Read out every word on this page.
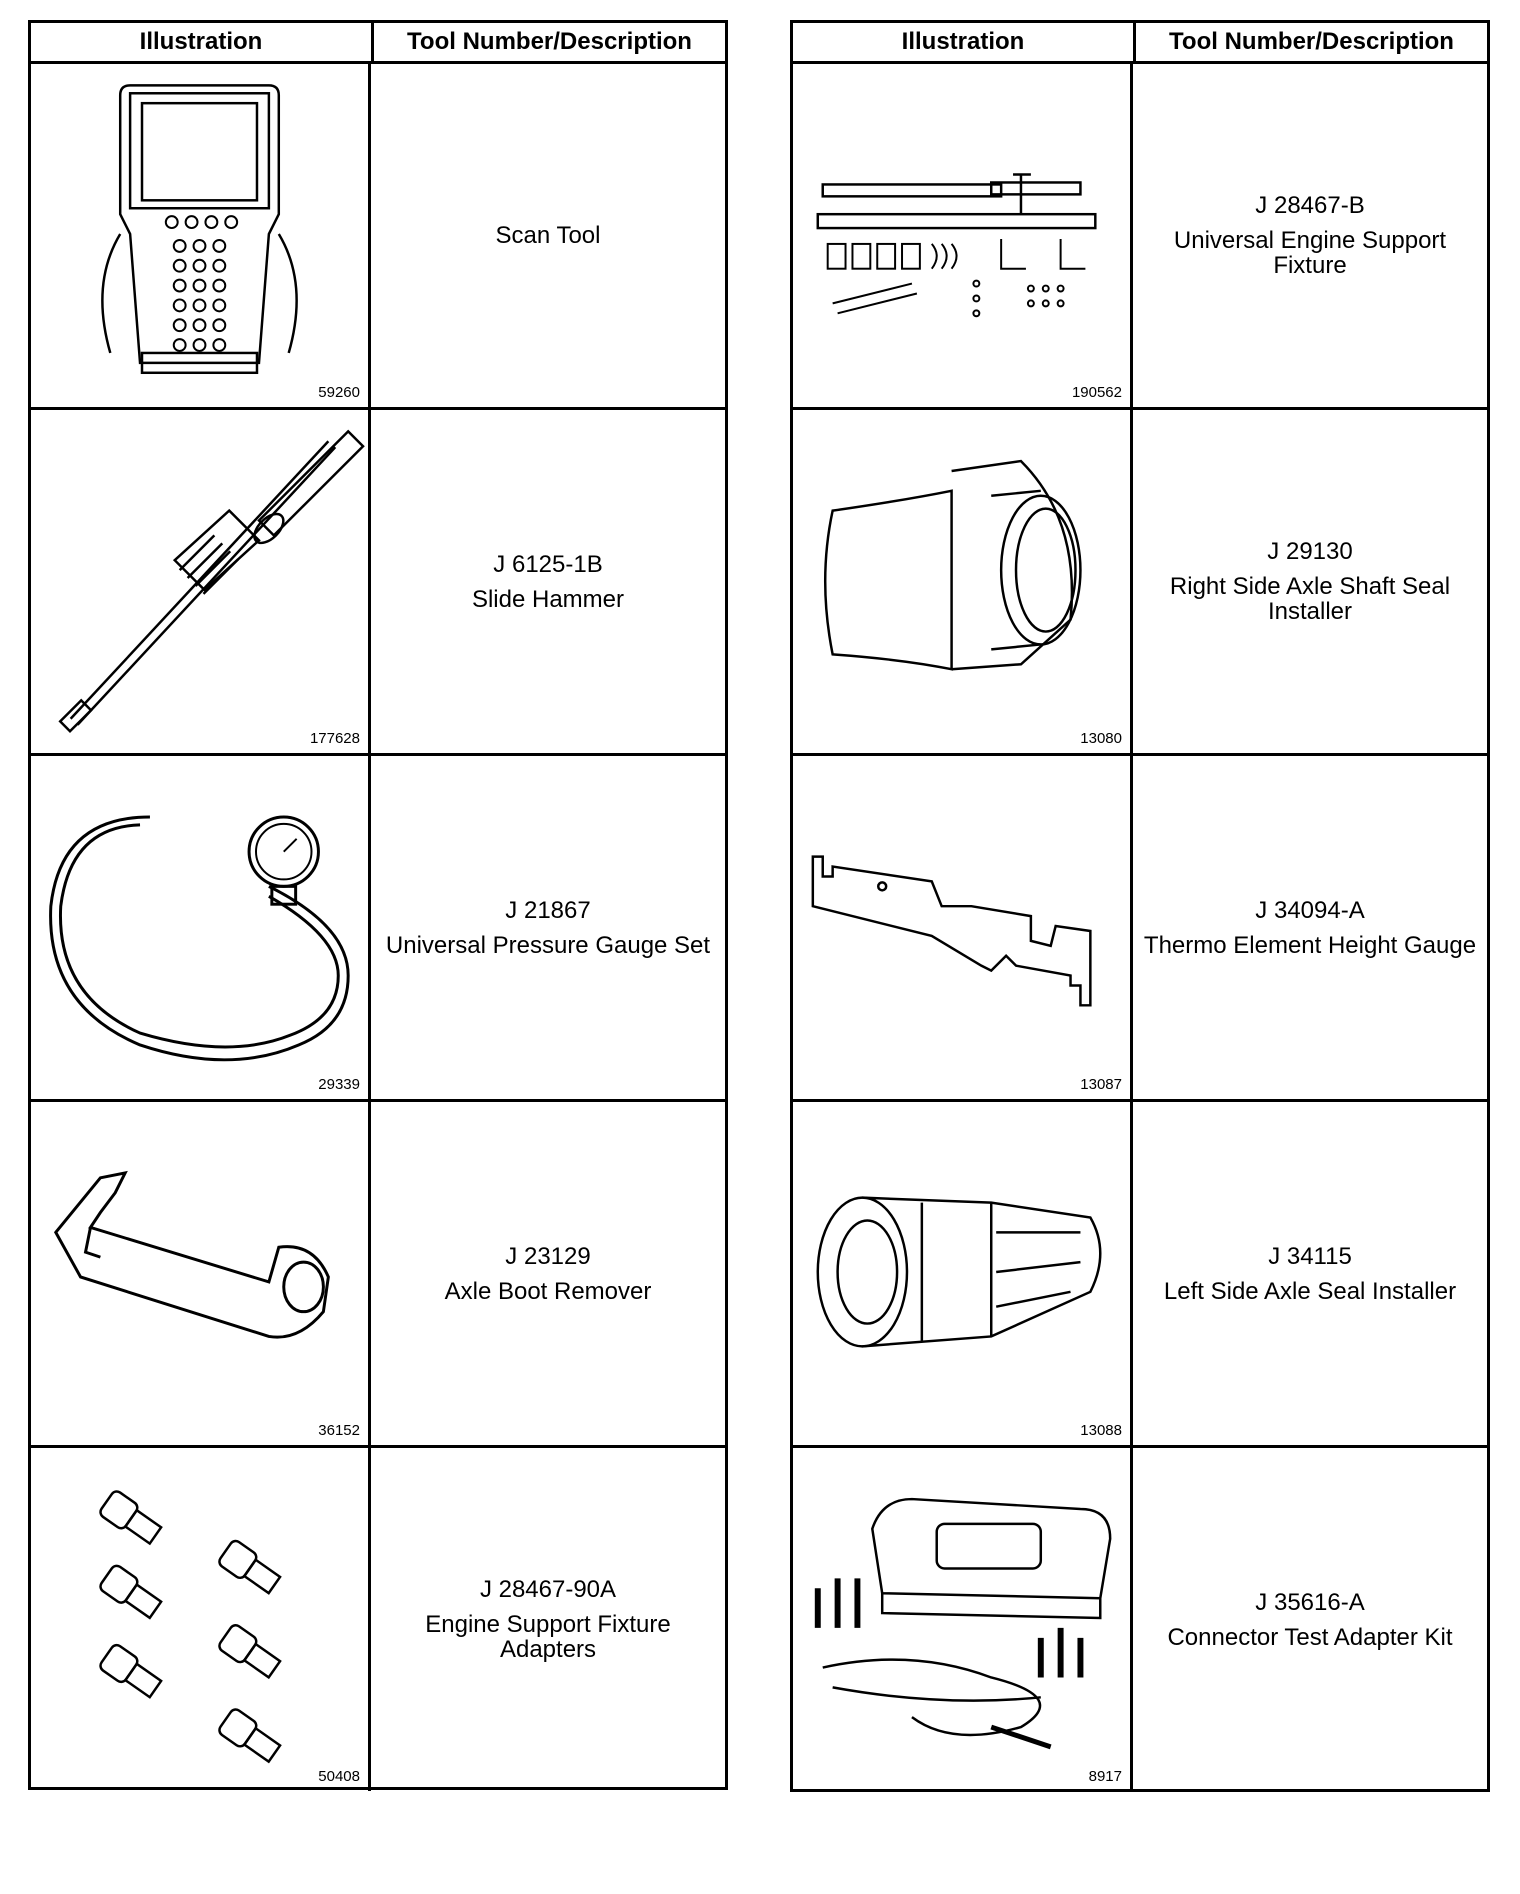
Illustration	Tool Number/Description
59260
Scan Tool
177628
J 6125-1B
Slide Hammer
29339
J 21867
Universal Pressure Gauge Set
36152
J 23129
Axle Boot Remover
50408
J 28467-90A
Engine Support Fixture Adapters
Illustration	Tool Number/Description
190562
J 28467-B
Universal Engine Support Fixture
13080
J 29130
Right Side Axle Shaft Seal Installer
13087
J 34094-A
Thermo Element Height Gauge
13088
J 34115
Left Side Axle Seal Installer
8917
J 35616-A
Connector Test Adapter Kit
